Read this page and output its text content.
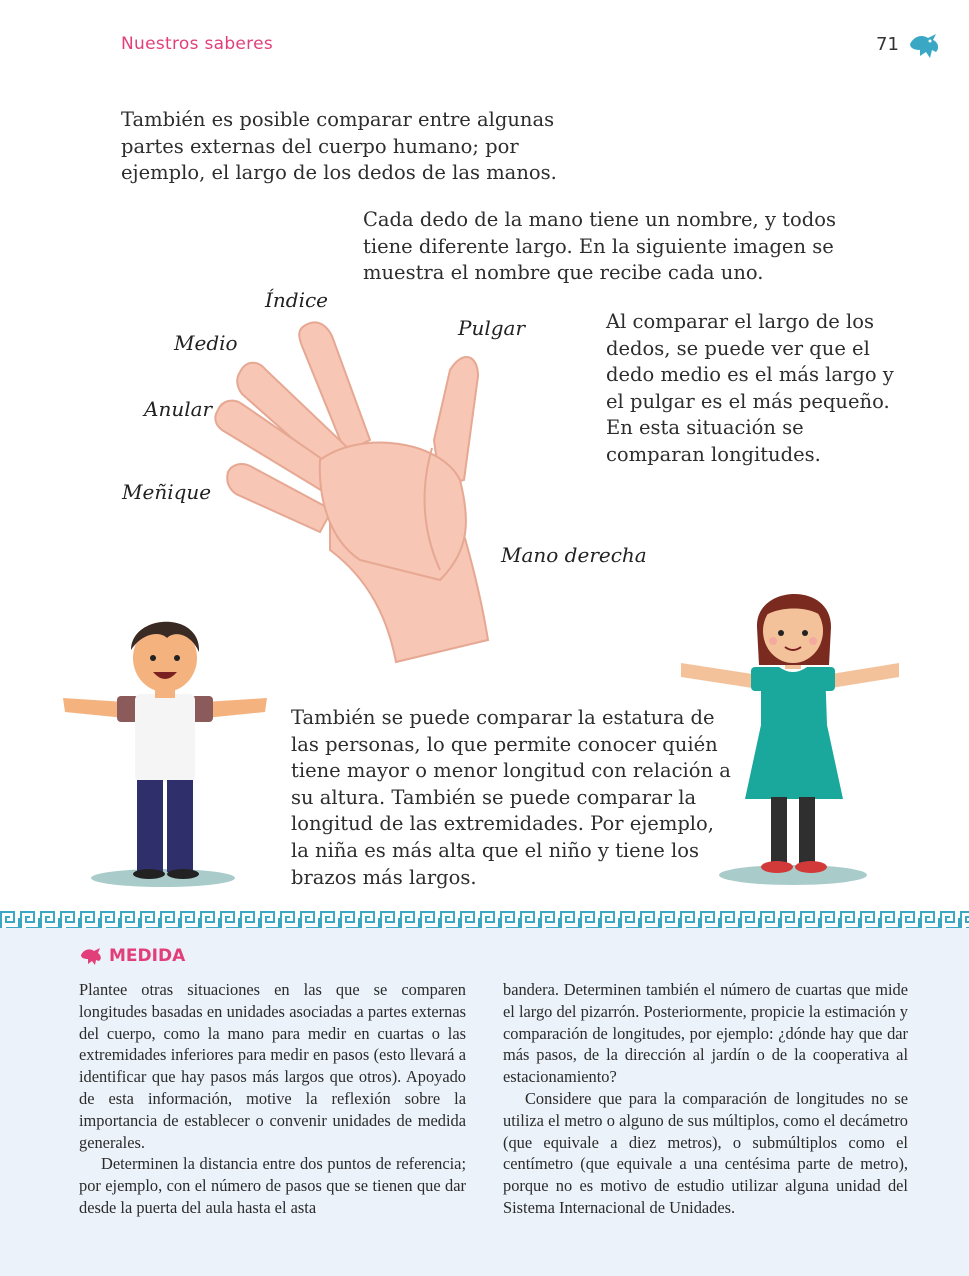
Nuestros saberes	71

También es posible comparar entre algunas partes externas del cuerpo humano; por ejemplo, el largo de los dedos de las manos.

Cada dedo de la mano tiene un nombre, y todos tiene diferente largo. En la siguiente imagen se muestra el nombre que recibe cada uno.

Al comparar el largo de los dedos, se puede ver que el dedo medio es el más largo y el pulgar es el más pequeño. En esta situación se comparan longitudes.

También se puede comparar la estatura de las personas, lo que permite conocer quién tiene mayor o menor longitud con relación a su altura. También se puede comparar la longitud de las extremidades. Por ejemplo, la niña es más alta que el niño y tiene los brazos más largos.

Índice
Medio
Anular
Meñique
Pulgar
Mano derecha
MEDIDA

Plantee otras situaciones en las que se comparen longitudes basadas en unidades asociadas a partes externas del cuerpo, como la mano para medir en cuartas o las extremidades inferiores para medir en pasos (esto llevará a identificar que hay pasos más largos que otros). Apoyado de esta información, motive la reflexión sobre la importancia de establecer o convenir unidades de medida generales.

Determinen la distancia entre dos puntos de referencia; por ejemplo, con el número de pasos que se tienen que dar desde la puerta del aula hasta el asta

bandera. Determinen también el número de cuartas que mide el largo del pizarrón. Posteriormente, propicie la estimación y comparación de longitudes, por ejemplo: ¿dónde hay que dar más pasos, de la dirección al jardín o de la cooperativa al estacionamiento?

Considere que para la comparación de longitudes no se utiliza el metro o alguno de sus múltiplos, como el decámetro (que equivale a diez metros), o submúltiplos como el centímetro (que equivale a una centésima parte de metro), porque no es motivo de estudio utilizar alguna unidad del Sistema Internacional de Unidades.
